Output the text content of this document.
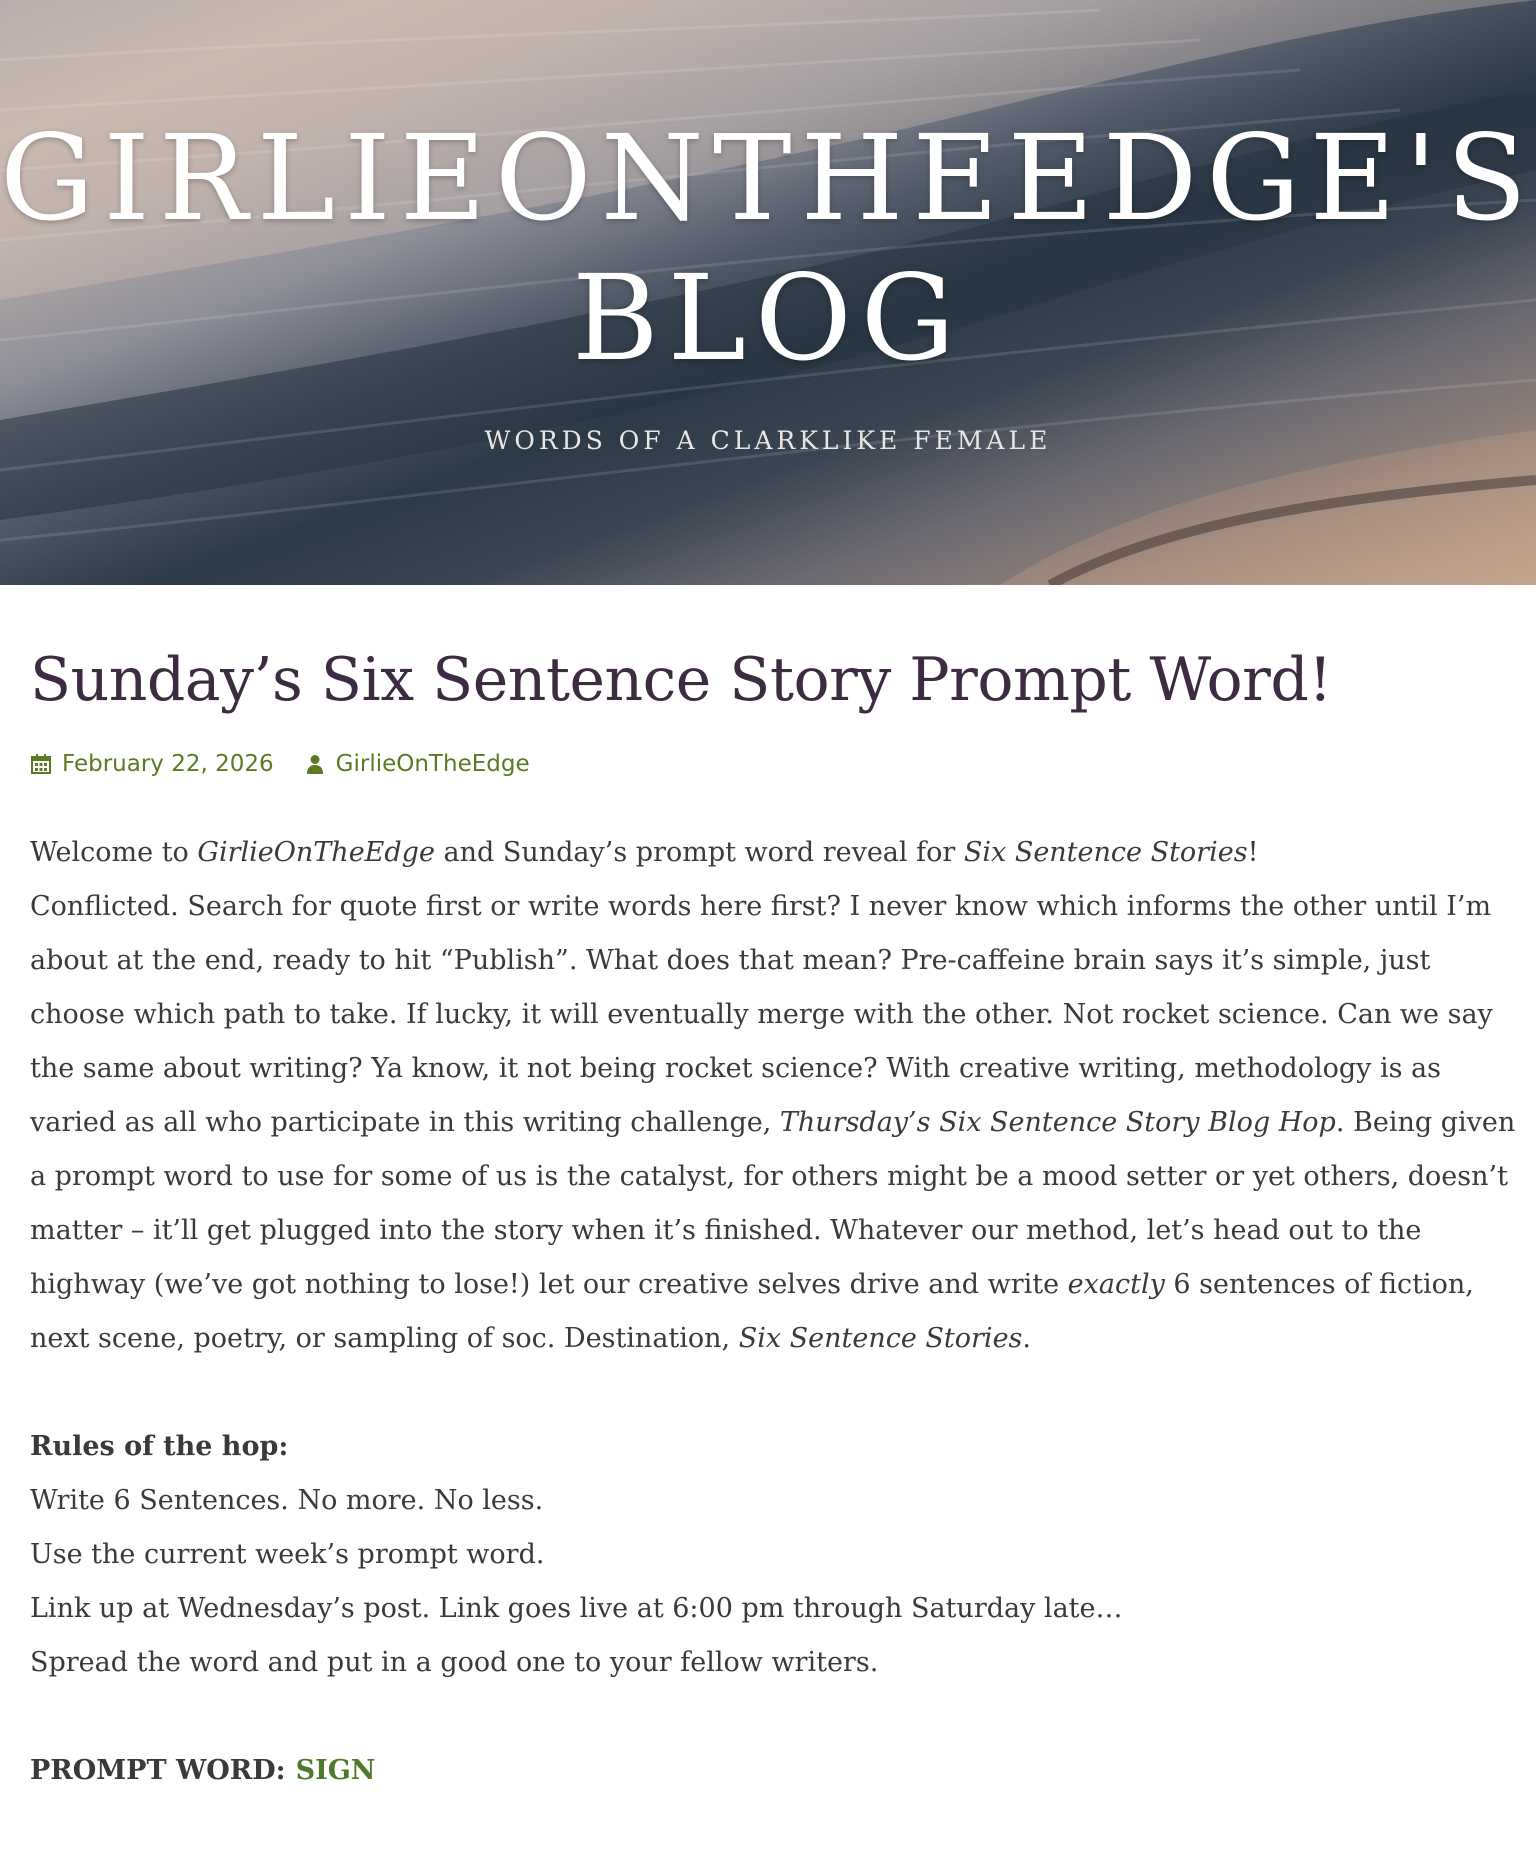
GIRLIEONTHEEDGE'S BLOG

WORDS OF A CLARKLIKE FEMALE

Sunday’s Six Sentence Story Prompt Word!
February 22, 2026	GirlieOnTheEdge

Welcome to GirlieOnTheEdge and Sunday’s prompt word reveal for Six Sentence Stories!

Conflicted. Search for quote first or write words here first? I never know which informs the other until I’m about at the end, ready to hit “Publish”. What does that mean? Pre-caffeine brain says it’s simple, just choose which path to take. If lucky, it will eventually merge with the other. Not rocket science. Can we say the same about writing? Ya know, it not being rocket science? With creative writing, methodology is as varied as all who participate in this writing challenge, Thursday’s Six Sentence Story Blog Hop. Being given a prompt word to use for some of us is the catalyst, for others might be a mood setter or yet others, doesn’t matter – it’ll get plugged into the story when it’s finished. Whatever our method, let’s head out to the highway (we’ve got nothing to lose!) let our creative selves drive and write exactly 6 sentences of fiction, next scene, poetry, or sampling of soc. Destination, Six Sentence Stories.

Rules of the hop:

Write 6 Sentences. No more. No less.

Use the current week’s prompt word.

Link up at Wednesday’s post. Link goes live at 6:00 pm through Saturday late…

Spread the word and put in a good one to your fellow writers.

PROMPT WORD: SIGN
